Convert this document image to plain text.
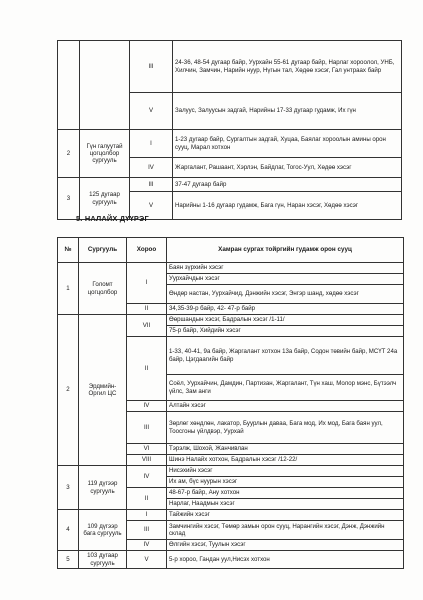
		III	24-36, 48-54 дугаар байр, Уурхайн 55-61 дугаар байр, Нарлаг хороолол, УНБ, Хилчин, Замчин, Нарийн нуур, Нүгын тал, Хөдөө хэсэг, Гал унтраах байр
		V	Залуус, Залуусын задгай, Нарийны 17-33 дугаар гудамж, Их гүн
2	Гүн галуутай цогцолбор сургууль	I	1-23 дугаар байр, Сургалтын задгай, Хуцаа, Баялаг хороолын амины орон сууц, Марал хотхон
		IV	Жаргалант, Рашаант, Хэрлэн, Байдлаг, Тогос-Уул, Хөдөө хэсэг
3	125 дугаар сургууль	III	37-47 дугаар байр
		V	Нарийны 1-16 дугаар гудамж, Бага гүн, Наран хэсэг, Хөдөө хэсэг
5. НАЛАЙХ ДҮҮРЭГ
№	Сургууль	Хороо	Хамран сургах тойргийн гудамж орон сууц
1	Голомт цогцолбор	I	Баян зүрхийн хэсэг
			Уурхайчдын хэсэг
			Өндөр настан, Уурхайчид, Дэнжийн хэсэг, Энгэр шанд, хөдөө хэсэг
		II	34,35-39-р байр, 42- 47-р байр
2	Эрдмийн-Оргил ЦС	VII	Өөршандын хэсэг, Бадралын хэсэг /1-11/
			75-р байр, Хийдийн хэсэг
		II	1-33, 40-41, 9а байр, Жаргалант хотхон 13а байр, Содон төвийн байр, МСҮТ 24а байр, Цэгдаагийн байр
			Соёл, Уурхайчин, Дамдин, Партизан, Жаргалант, Түн хаш, Молор мэнс, Бүтээлч үйлс, Зам анги
		IV	Алтайн хэсэг
		III	Зөрлөг хөндлөн, лакатор, Буурлын даваа, Бага мод, Их мод, Бага баян уул, Тоосгоны үйлдвэр, Уурхай
		VI	Тэрэлж, Шохой, Жанчивлан
		VIII	Шинэ Налайх хотхон, Бадралын хэсэг /12-22/
3	119 дүгээр сургууль	IV	Нисэхийн хэсэг
			Их ам, бүс нуурын хэсэг
		II	48-67-р байр, Ану хотхон
			Нарлаг, Наадмын хэсэг
4	109 дүгээр бага сургууль	I	Тайжийн хэсэг
		III	Замчингийн хэсэг, Төмөр замын орон сууц, Нарангийн хэсэг, Дэнж, Дэнжийн склад
		IV	Өлгийн хэсэг, Туулын хэсэг
5	103 дугаар сургууль	V	5-р хороо, Гандан уул,Нисэх хотхон
